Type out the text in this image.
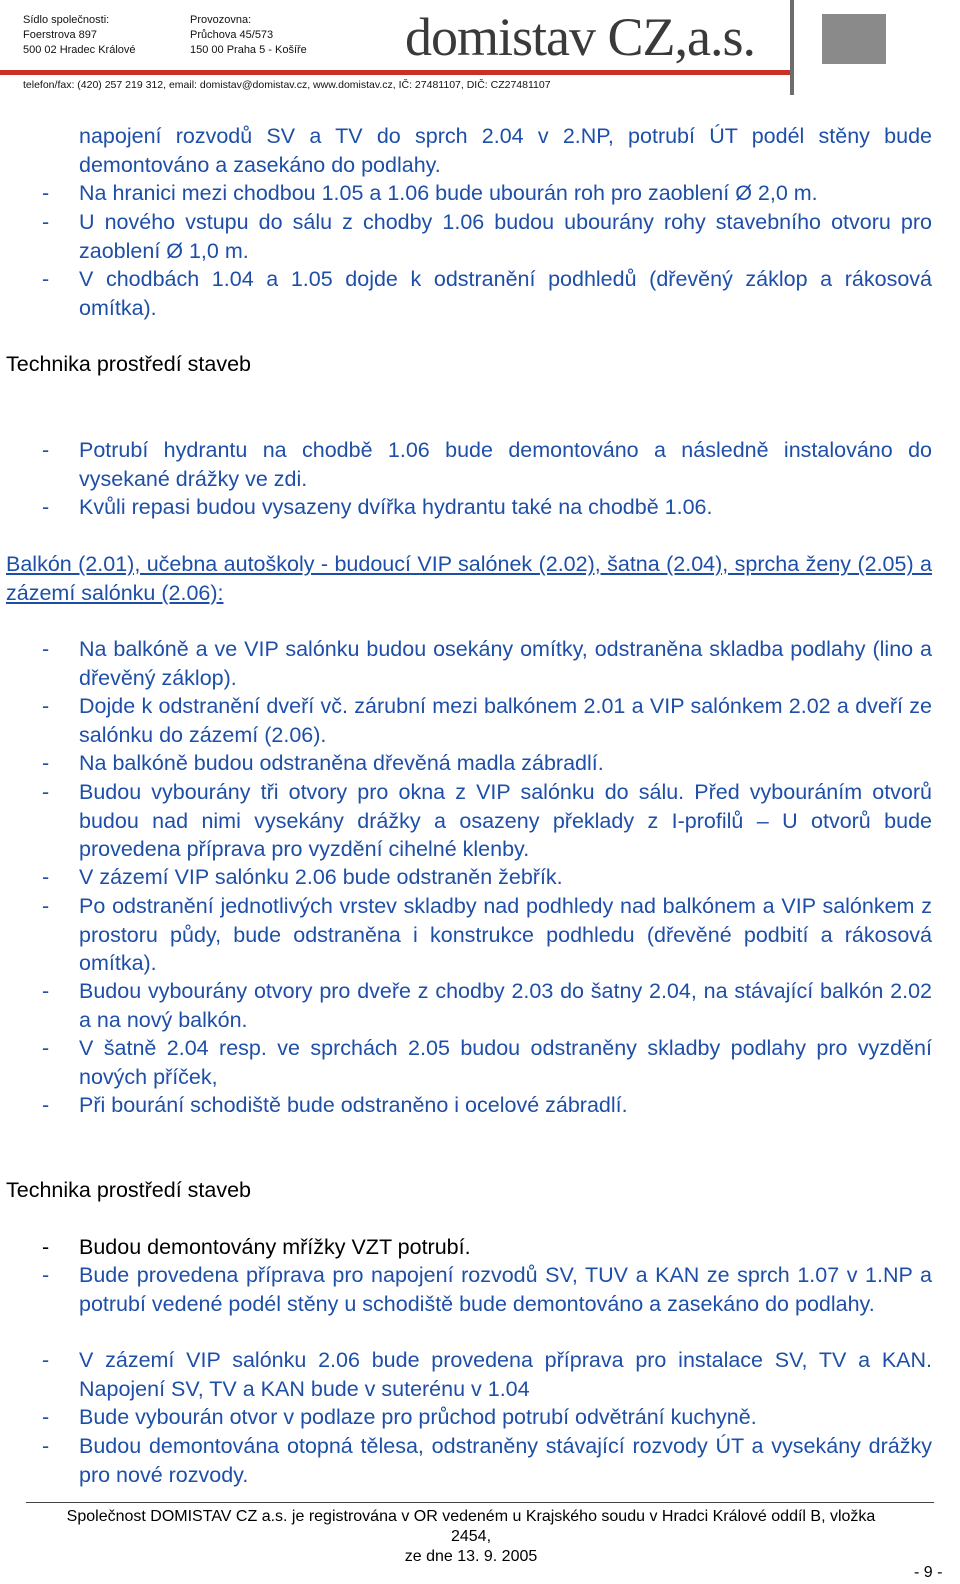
Sídlo společnosti:
Foerstrova 897
500 02 Hradec Králové
Provozovna:
Průchova 45/573
150 00 Praha 5 - Košíře domistav CZ,a.s.
telefon/fax: (420) 257 219 312, email: domistav@domistav.cz, www.domistav.cz, IČ: 27481107, DIČ: CZ27481107
napojení rozvodů SV a TV do sprch 2.04 v 2.NP, potrubí ÚT podél stěny bude demontováno a zasekáno do podlahy.
- Na hranici mezi chodbou 1.05 a 1.06 bude ubourán roh pro zaoblení Ø 2,0 m.
- U nového vstupu do sálu z chodby 1.06 budou ubourány rohy stavebního otvoru pro zaoblení Ø 1,0 m.
- V chodbách 1.04 a 1.05 dojde k odstranění podhledů (dřevěný záklop a rákosová omítka).
Technika prostředí staveb
- Potrubí hydrantu na chodbě 1.06 bude demontováno a následně instalováno do vysekané drážky ve zdi.
- Kvůli repasi budou vysazeny dvířka hydrantu také na chodbě 1.06.
Balkón (2.01), učebna autoškoly - budoucí VIP salónek (2.02), šatna (2.04), sprcha ženy (2.05) a zázemí salónku (2.06):
- Na balkóně a ve VIP salónku budou osekány omítky, odstraněna skladba podlahy (lino a dřevěný záklop).
- Dojde k odstranění dveří vč. zárubní mezi balkónem 2.01 a VIP salónkem 2.02 a dveří ze salónku do zázemí (2.06).
- Na balkóně budou odstraněna dřevěná madla zábradlí.
- Budou vybourány tři otvory pro okna z VIP salónku do sálu. Před vybouráním otvorů budou nad nimi vysekány drážky a osazeny překlady z I-profilů – U otvorů bude provedena příprava pro vyzdění cihelné klenby.
- V zázemí VIP salónku 2.06 bude odstraněn žebřík.
- Po odstranění jednotlivých vrstev skladby nad podhledy nad balkónem a VIP salónkem z prostoru půdy, bude odstraněna i konstrukce podhledu (dřevěné podbití a rákosová omítka).
- Budou vybourány otvory pro dveře z chodby 2.03 do šatny 2.04, na stávající balkón 2.02 a na nový balkón.
- V šatně 2.04 resp. ve sprchách 2.05 budou odstraněny skladby podlahy pro vyzdění nových příček,
- Při bourání schodiště bude odstraněno i ocelové zábradlí.
Technika prostředí staveb
- Budou demontovány mřížky VZT potrubí.
- Bude provedena příprava pro napojení rozvodů SV, TUV a KAN ze sprch 1.07 v 1.NP a potrubí vedené podél stěny u schodiště bude demontováno a zasekáno do podlahy.
- V zázemí VIP salónku 2.06 bude provedena příprava pro instalace SV, TV a KAN. Napojení SV, TV a KAN bude v suterénu v 1.04
- Bude vybourán otvor v podlaze pro průchod potrubí odvětrání kuchyně.
- Budou demontována otopná tělesa, odstraněny stávající rozvody ÚT a vysekány drážky pro nové rozvody.
Společnost DOMISTAV CZ a.s. je registrována v OR vedeném u Krajského soudu v Hradci Králové oddíl B, vložka
2454,
ze dne 13. 9. 2005
- 9 -
